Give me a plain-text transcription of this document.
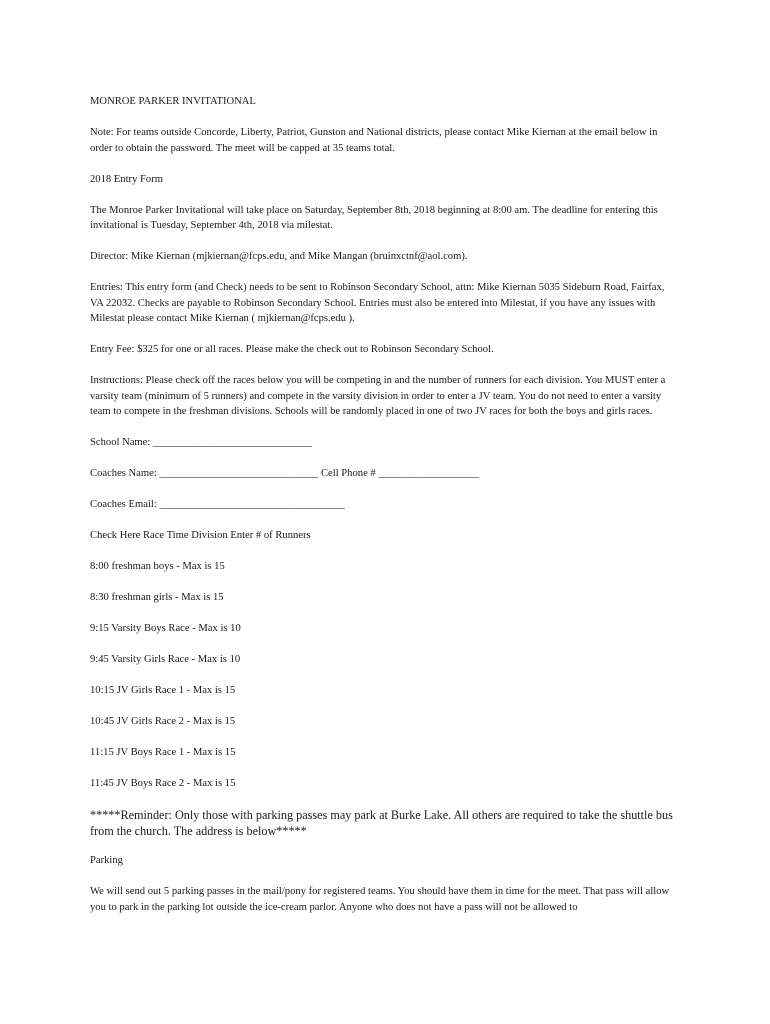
MONROE PARKER INVITATIONAL

Note: For teams outside Concorde, Liberty, Patriot, Gunston and National districts, please contact Mike Kiernan at the email below in order to obtain the password. The meet will be capped at 35 teams total.

2018 Entry Form

The Monroe Parker Invitational will take place on Saturday, September 8th, 2018 beginning at 8:00 am. The deadline for entering this invitational is Tuesday, September 4th, 2018 via milestat.

Director: Mike Kiernan (mjkiernan@fcps.edu, and Mike Mangan (bruinxctnf@aol.com).

Entries: This entry form (and Check) needs to be sent to Robinson Secondary School, attn: Mike Kiernan 5035 Sideburn Road, Fairfax, VA 22032. Checks are payable to Robinson Secondary School. Entries must also be entered into Milestat, if you have any issues with Milestat please contact Mike Kiernan ( mjkiernan@fcps.edu ).

Entry Fee: $325 for one or all races. Please make the check out to Robinson Secondary School.

Instructions: Please check off the races below you will be competing in and the number of runners for each division. You MUST enter a varsity team (minimum of 5 runners) and compete in the varsity division in order to enter a JV team. You do not need to enter a varsity team to compete in the freshman divisions. Schools will be randomly placed in one of two JV races for both the boys and girls races.

School Name: ______________________________

Coaches Name: ______________________________ Cell Phone # ___________________

Coaches Email: ___________________________________

Check Here Race Time Division Enter # of Runners

8:00 freshman boys - Max is 15

8:30 freshman girls - Max is 15

9:15 Varsity Boys Race - Max is 10

9:45 Varsity Girls Race - Max is 10

10:15 JV Girls Race 1 - Max is 15

10:45 JV Girls Race 2 - Max is 15

11:15 JV Boys Race 1 - Max is 15

11:45 JV Boys Race 2 - Max is 15

*****Reminder: Only those with parking passes may park at Burke Lake. All others are required to take the shuttle bus from the church. The address is below*****

Parking

We will send out 5 parking passes in the mail/pony for registered teams. You should have them in time for the meet. That pass will allow you to park in the parking lot outside the ice-cream parlor. Anyone who does not have a pass will not be allowed to
